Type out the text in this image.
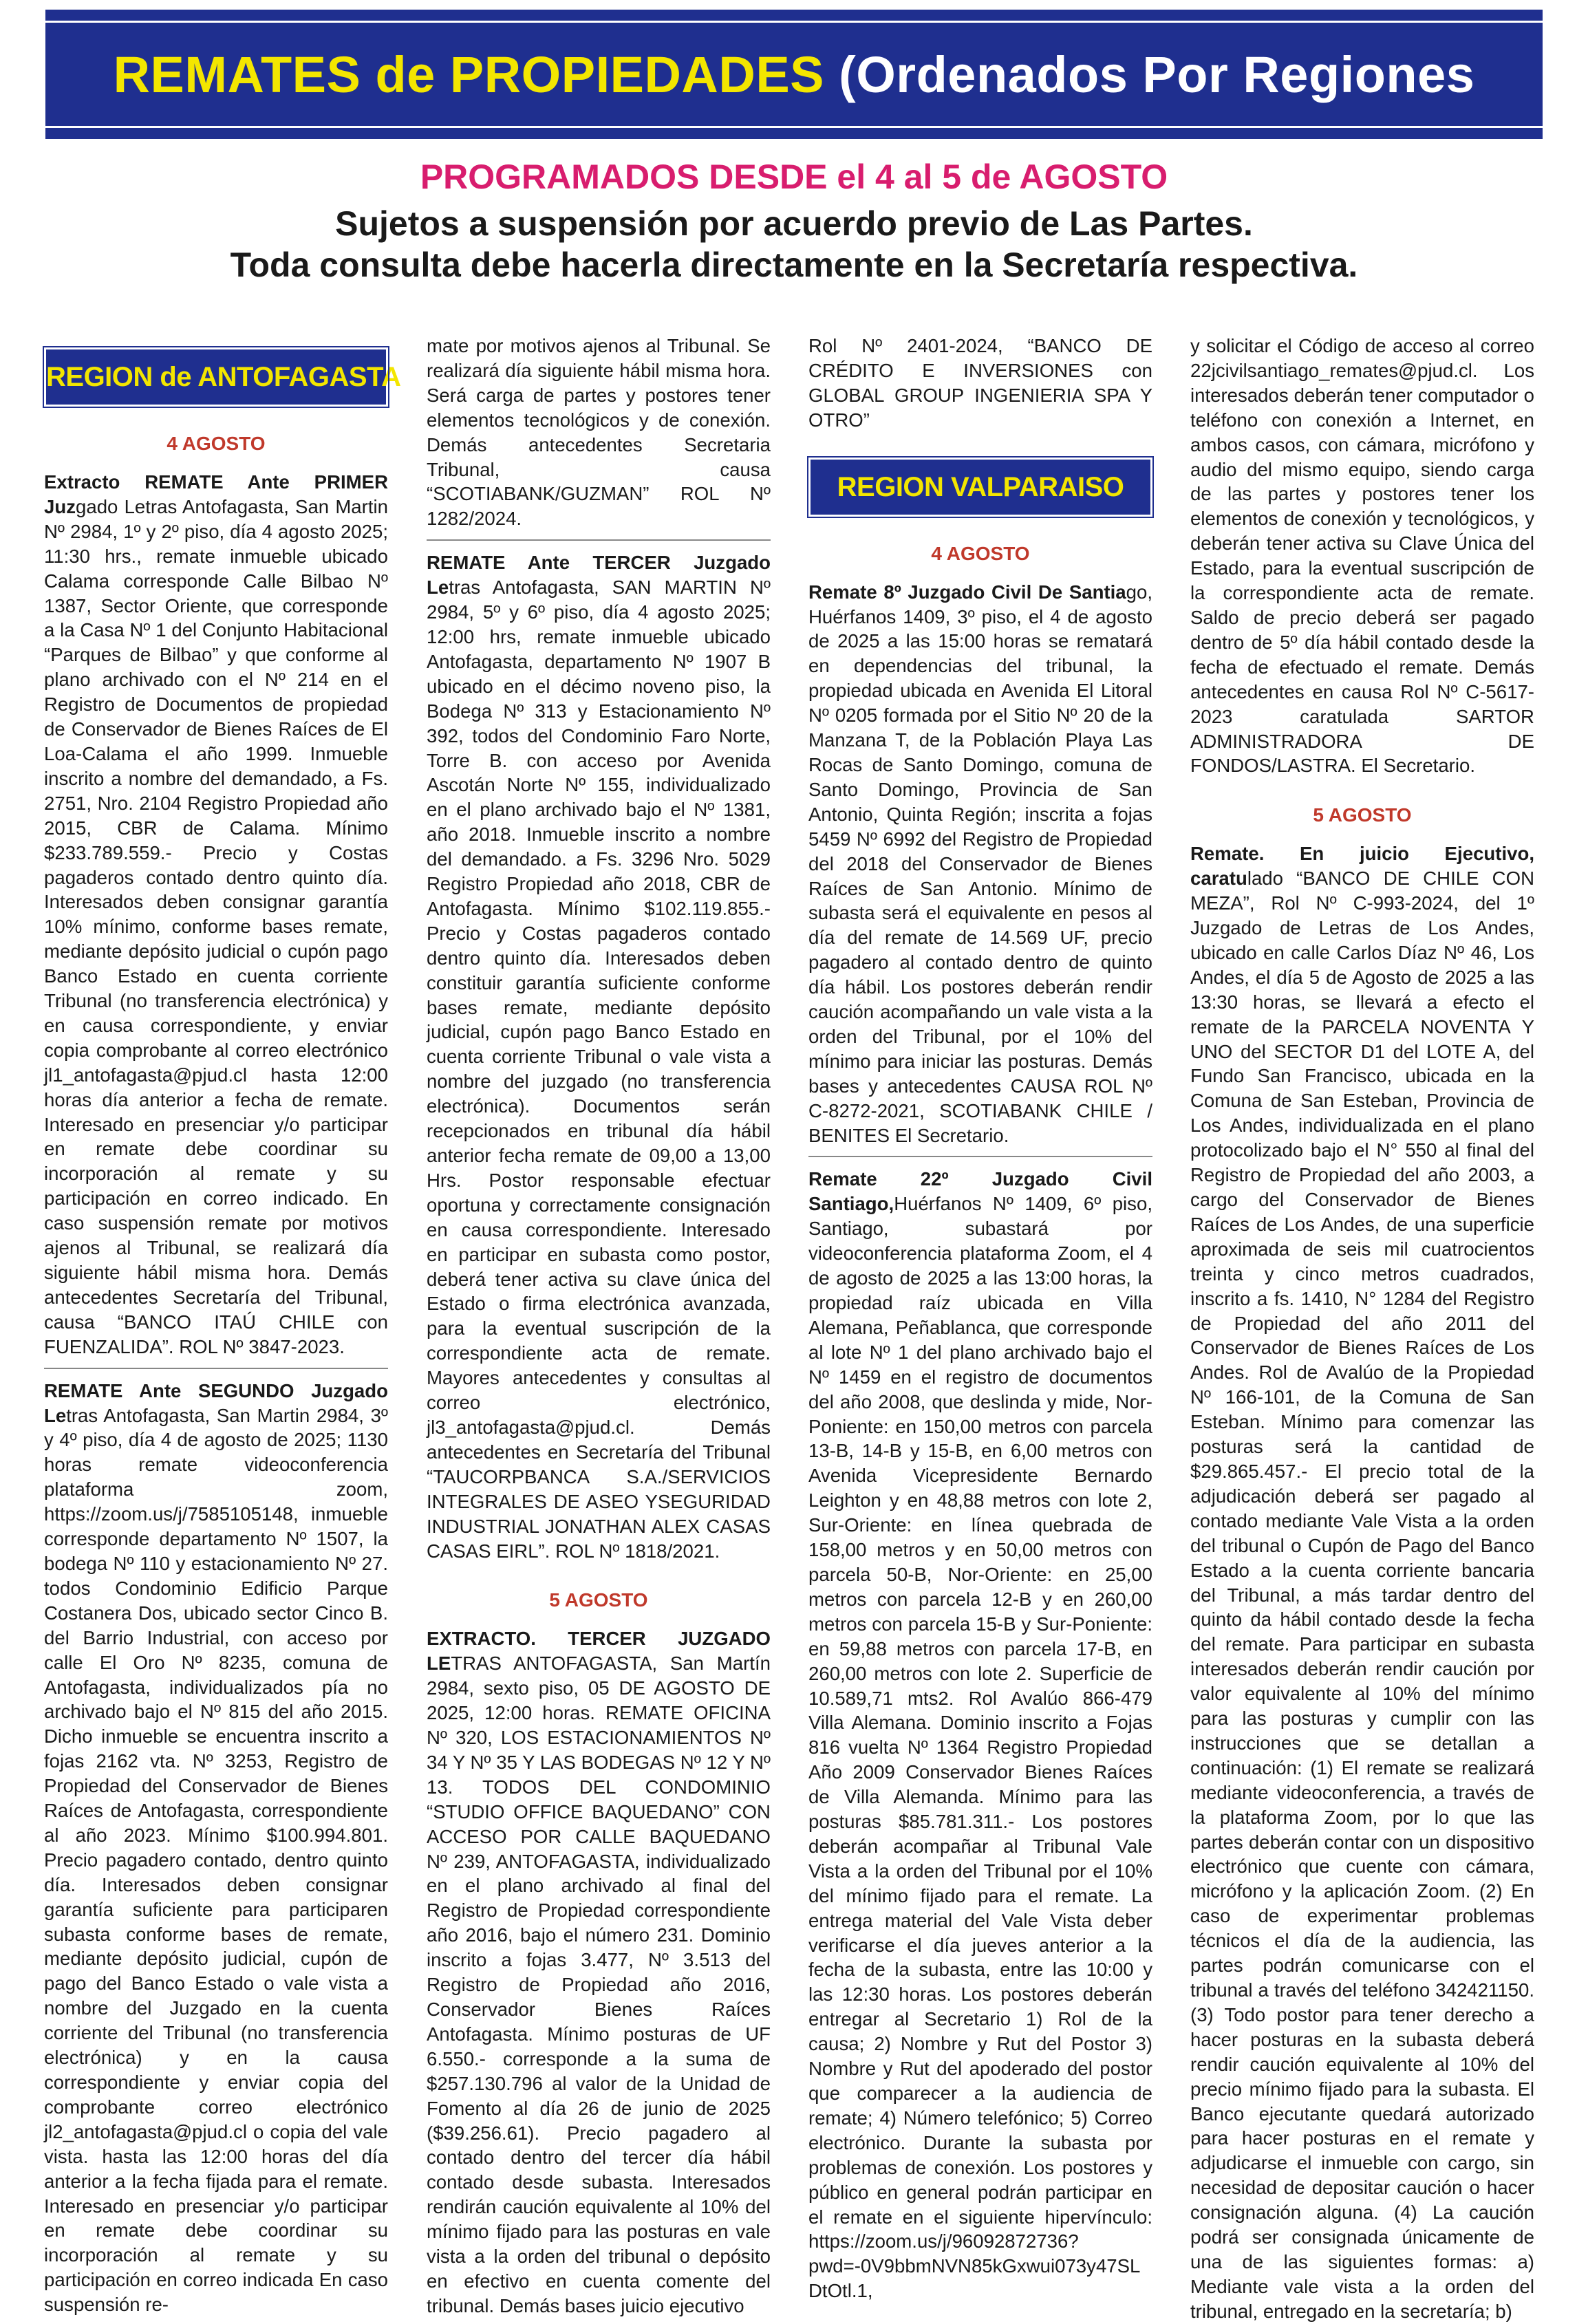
REMATES de PROPIEDADES (Ordenados Por Regiones
PROGRAMADOS DESDE el 4 al 5 de AGOSTO
Sujetos a suspensión por acuerdo previo de Las Partes.
Toda consulta debe hacerla directamente en la Secretaría respectiva.
REGION de ANTOFAGASTA
4 AGOSTO

Extracto REMATE Ante PRIMER Juzgado Letras Antofagasta, San Martin Nº 2984, 1º y 2º piso, día 4 agosto 2025; 11:30 hrs., remate inmueble ubicado Calama corresponde Calle Bilbao Nº 1387, Sector Oriente, que corresponde a la Casa Nº 1 del Conjunto Habitacional “Parques de Bilbao” y que conforme al plano archivado con el Nº 214 en el Registro de Documentos de propiedad de Conservador de Bienes Raíces de El Loa-Calama el año 1999. Inmueble inscrito a nombre del demandado, a Fs. 2751, Nro. 2104 Registro Propiedad año 2015, CBR de Calama. Mínimo $233.789.559.- Precio y Costas pagaderos contado dentro quinto día. Interesados deben consignar garantía 10% mínimo, conforme bases remate, mediante depósito judicial o cupón pago Banco Estado en cuenta corriente Tribunal (no transferencia electrónica) y en causa correspondiente, y enviar copia comprobante al correo electrónico jl1_antofagasta@pjud.cl hasta 12:00 horas día anterior a fecha de remate. Interesado en presenciar y/o participar en remate debe coordinar su incorporación al remate y su participación en correo indicado. En caso suspensión remate por motivos ajenos al Tribunal, se realizará día siguiente hábil misma hora. Demás antecedentes Secretaría del Tribunal, causa “BANCO ITAÚ CHILE con FUENZALIDA”. ROL Nº 3847-2023.

REMATE Ante SEGUNDO Juzgado Letras Antofagasta, San Martin 2984, 3º y 4º piso, día 4 de agosto de 2025; 1130 horas remate videoconferencia plataforma zoom, https://zoom.us/j/7585105148, inmueble corresponde departamento Nº 1507, la bodega Nº 110 y estacionamiento Nº 27. todos Condominio Edificio Parque Costanera Dos, ubicado sector Cinco B. del Barrio Industrial, con acceso por calle El Oro Nº 8235, comuna de Antofagasta, individualizados pía no archivado bajo el Nº 815 del año 2015. Dicho inmueble se encuentra inscrito a fojas 2162 vta. Nº 3253, Registro de Propiedad del Conservador de Bienes Raíces de Antofagasta, correspondiente al año 2023. Mínimo $100.994.801. Precio pagadero contado, dentro quinto día. Interesados deben consignar garantía suficiente para participaren subasta conforme bases de remate, mediante depósito judicial, cupón de pago del Banco Estado o vale vista a nombre del Juzgado en la cuenta corriente del Tribunal (no transferencia electrónica) y en la causa correspondiente y enviar copia del comprobante correo electrónico jl2_antofagasta@pjud.cl o copia del vale vista. hasta las 12:00 horas del día anterior a la fecha fijada para el remate. Interesado en presenciar y/o participar en remate debe coordinar su incorporación al remate y su participación en correo indicada En caso suspensión re-

mate por motivos ajenos al Tribunal. Se realizará día siguiente hábil misma hora. Será carga de partes y postores tener elementos tecnológicos y de conexión. Demás antecedentes Secretaria Tribunal, causa “SCOTIABANK/GUZMAN” ROL Nº 1282/2024.

REMATE Ante TERCER Juzgado Letras Antofagasta, SAN MARTIN Nº 2984, 5º y 6º piso, día 4 agosto 2025; 12:00 hrs, remate inmueble ubicado Antofagasta, departamento Nº 1907 B ubicado en el décimo noveno piso, la Bodega Nº 313 y Estacionamiento Nº 392, todos del Condominio Faro Norte, Torre B. con acceso por Avenida Ascotán Norte Nº 155, individualizado en el plano archivado bajo el Nº 1381, año 2018. Inmueble inscrito a nombre del demandado. a Fs. 3296 Nro. 5029 Registro Propiedad año 2018, CBR de Antofagasta. Mínimo $102.119.855.- Precio y Costas pagaderos contado dentro quinto día. Interesados deben constituir garantía suficiente conforme bases remate, mediante depósito judicial, cupón pago Banco Estado en cuenta corriente Tribunal o vale vista a nombre del juzgado (no transferencia electrónica). Documentos serán recepcionados en tribunal día hábil anterior fecha remate de 09,00 a 13,00 Hrs. Postor responsable efectuar oportuna y correctamente consignación en causa correspondiente. Interesado en participar en subasta como postor, deberá tener activa su clave única del Estado o firma electrónica avanzada, para la eventual suscripción de la correspondiente acta de remate. Mayores antecedentes y consultas al correo electrónico, jl3_antofagasta@pjud.cl. Demás antecedentes en Secretaría del Tribunal “TAUCORPBANCA S.A./SERVICIOS INTEGRALES DE ASEO YSEGURIDAD INDUSTRIAL JONATHAN ALEX CASAS CASAS EIRL”. ROL Nº 1818/2021.

5 AGOSTO

EXTRACTO. TERCER JUZGADO LETRAS ANTOFAGASTA, San Martín 2984, sexto piso, 05 DE AGOSTO DE 2025, 12:00 horas. REMATE OFICINA Nº 320, LOS ESTACIONAMIENTOS Nº 34 Y Nº 35 Y LAS BODEGAS Nº 12 Y Nº 13. TODOS DEL CONDOMINIO “STUDIO OFFICE BAQUEDANO” CON ACCESO POR CALLE BAQUEDANO Nº 239, ANTOFAGASTA, individualizado en el plano archivado al final del Registro de Propiedad correspondiente año 2016, bajo el número 231. Dominio inscrito a fojas 3.477, Nº 3.513 del Registro de Propiedad año 2016, Conservador Bienes Raíces Antofagasta. Mínimo posturas de UF 6.550.- corresponde a la suma de $257.130.796 al valor de la Unidad de Fomento al día 26 de junio de 2025 ($39.256.61). Precio pagadero al contado dentro del tercer día hábil contado desde subasta. Interesados rendirán caución equivalente al 10% del mínimo fijado para las posturas en vale vista a la orden del tribunal o depósito en efectivo en cuenta comente del tribunal. Demás bases juicio ejecutivo

Rol Nº 2401-2024, “BANCO DE CRÉDITO E INVERSIONES con GLOBAL GROUP INGENIERIA SPA Y OTRO”

REGION VALPARAISO
4 AGOSTO

Remate 8º Juzgado Civil De Santiago, Huérfanos 1409, 3º piso, el 4 de agosto de 2025 a las 15:00 horas se rematará en dependencias del tribunal, la propiedad ubicada en Avenida El Litoral Nº 0205 formada por el Sitio Nº 20 de la Manzana T, de la Población Playa Las Rocas de Santo Domingo, comuna de Santo Domingo, Provincia de San Antonio, Quinta Región; inscrita a fojas 5459 Nº 6992 del Registro de Propiedad del 2018 del Conservador de Bienes Raíces de San Antonio. Mínimo de subasta será el equivalente en pesos al día del remate de 14.569 UF, precio pagadero al contado dentro de quinto día hábil. Los postores deberán rendir caución acompañando un vale vista a la orden del Tribunal, por el 10% del mínimo para iniciar las posturas. Demás bases y antecedentes CAUSA ROL Nº C-8272-2021, SCOTIABANK CHILE / BENITES El Secretario.

Remate 22º Juzgado Civil Santiago,Huérfanos Nº 1409, 6º piso, Santiago, subastará por videoconferencia plataforma Zoom, el 4 de agosto de 2025 a las 13:00 horas, la propiedad raíz ubicada en Villa Alemana, Peñablanca, que corresponde al lote Nº 1 del plano archivado bajo el Nº 1459 en el registro de documentos del año 2008, que deslinda y mide, Nor-Poniente: en 150,00 metros con parcela 13-B, 14-B y 15-B, en 6,00 metros con Avenida Vicepresidente Bernardo Leighton y en 48,88 metros con lote 2, Sur-Oriente: en línea quebrada de 158,00 metros y en 50,00 metros con parcela 50-B, Nor-Oriente: en 25,00 metros con parcela 12-B y en 260,00 metros con parcela 15-B y Sur-Poniente: en 59,88 metros con parcela 17-B, en 260,00 metros con lote 2. Superficie de 10.589,71 mts2. Rol Avalúo 866-479 Villa Alemana. Dominio inscrito a Fojas 816 vuelta Nº 1364 Registro Propiedad Año 2009 Conservador Bienes Raíces de Villa Alemanda. Mínimo para las posturas $85.781.311.- Los postores deberán acompañar al Tribunal Vale Vista a la orden del Tribunal por el 10% del mínimo fijado para el remate. La entrega material del Vale Vista deber verificarse el día jueves anterior a la fecha de la subasta, entre las 10:00 y las 12:30 horas. Los postores deberán entregar al Secretario 1) Rol de la causa; 2) Nombre y Rut del Postor 3) Nombre y Rut del apoderado del postor que comparecer a la audiencia de remate; 4) Número telefónico; 5) Correo electrónico. Durante la subasta por problemas de conexión. Los postores y público en general podrán participar en el remate en el siguiente hipervínculo: https://zoom.us/j/96092872736?pwd=-0V9bbmNVN85kGxwui073y47SLDtOtl.1,

y solicitar el Código de acceso al correo 22jcivilsantiago_remates@pjud.cl. Los interesados deberán tener computador o teléfono con conexión a Internet, en ambos casos, con cámara, micrófono y audio del mismo equipo, siendo carga de las partes y postores tener los elementos de conexión y tecnológicos, y deberán tener activa su Clave Única del Estado, para la eventual suscripción de la correspondiente acta de remate. Saldo de precio deberá ser pagado dentro de 5º día hábil contado desde la fecha de efectuado el remate. Demás antecedentes en causa Rol Nº C-5617-2023 caratulada SARTOR ADMINISTRADORA DE FONDOS/LASTRA. El Secretario.

5 AGOSTO

Remate. En juicio Ejecutivo, caratulado “BANCO DE CHILE CON MEZA”, Rol Nº C-993-2024, del 1º Juzgado de Letras de Los Andes, ubicado en calle Carlos Díaz Nº 46, Los Andes, el día 5 de Agosto de 2025 a las 13:30 horas, se llevará a efecto el remate de la PARCELA NOVENTA Y UNO del SECTOR D1 del LOTE A, del Fundo San Francisco, ubicada en la Comuna de San Esteban, Provincia de Los Andes, individualizada en el plano protocolizado bajo el N° 550 al final del Registro de Propiedad del año 2003, a cargo del Conservador de Bienes Raíces de Los Andes, de una superficie aproximada de seis mil cuatrocientos treinta y cinco metros cuadrados, inscrito a fs. 1410, N° 1284 del Registro de Propiedad del año 2011 del Conservador de Bienes Raíces de Los Andes. Rol de Avalúo de la Propiedad Nº 166-101, de la Comuna de San Esteban. Mínimo para comenzar las posturas será la cantidad de $29.865.457.- El precio total de la adjudicación deberá ser pagado al contado mediante Vale Vista a la orden del tribunal o Cupón de Pago del Banco Estado a la cuenta corriente bancaria del Tribunal, a más tardar dentro del quinto da hábil contado desde la fecha del remate. Para participar en subasta interesados deberán rendir caución por valor equivalente al 10% del mínimo para las posturas y cumplir con las instrucciones que se detallan a continuación: (1) El remate se realizará mediante videoconferencia, a través de la plataforma Zoom, por lo que las partes deberán contar con un dispositivo electrónico que cuente con cámara, micrófono y la aplicación Zoom. (2) En caso de experimentar problemas técnicos el día de la audiencia, las partes podrán comunicarse con el tribunal a través del teléfono 342421150. (3) Todo postor para tener derecho a hacer posturas en la subasta deberá rendir caución equivalente al 10% del precio mínimo fijado para la subasta. El Banco ejecutante quedará autorizado para hacer posturas en el remate y adjudicarse el inmueble con cargo, sin necesidad de depositar caución o hacer consignación alguna. (4) La caución podrá ser consignada únicamente de una de las siguientes formas: a) Mediante vale vista a la orden del tribunal, entregado en la secretaría; b)
